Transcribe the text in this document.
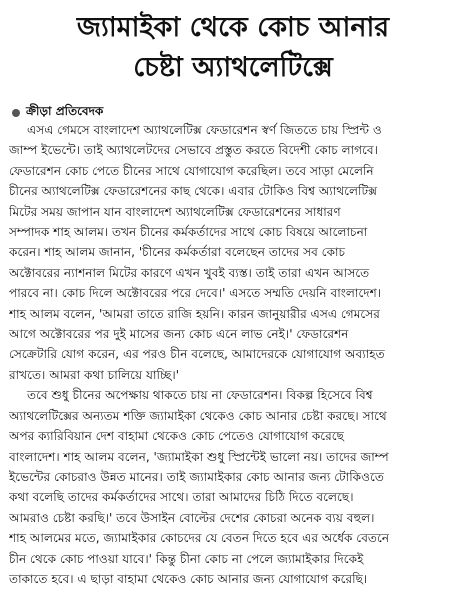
জ্যামাইকা থেকে কোচ আনার
চেষ্টা অ্যাথলেটিক্সে
ক্রীড়া প্রতিবেদক
এসএ গেমসে বাংলাদেশ অ্যাথলেটিক্স ফেডারেশন স্বর্ণ জিততে চায় স্প্রিন্ট ও
জাম্প ইভেন্টে। তাই অ্যাথলেটদের সেভাবে প্রস্তুত করতে বিদেশী কোচ লাগবে।
ফেডারেশন কোচ পেতে চীনের সাথে যোগাযোগ করেছিল। তবে সাড়া মেলেনি
চীনের অ্যাথলেটিক্স ফেডারেশনের কাছ থেকে। এবার টোকিও বিশ্ব অ্যাথলেটিক্স
মিটের সময় জাপান যান বাংলাদেশ অ্যাথলেটিক্স ফেডারেশনের সাধারণ
সম্পাদক শাহ আলম। তখন চীনের কর্মকর্তাদের সাথে কোচ বিষয়ে আলোচনা
করেন। শাহ আলম জানান, 'চীনের কর্মকর্তারা বলেছেন তাদের সব কোচ
অক্টোবরের ন্যাশনাল মিটের কারণে এখন খুবই ব্যস্ত। তাই তারা এখন আসতে
পারবে না। কোচ দিলে অক্টোবরের পরে দেবে।' এসতে সম্মতি দেয়নি বাংলাদেশ।
শাহ আলম বলেন, 'আমরা তাতে রাজি হয়নি। কারন জানুয়ারীর এসএ গেমসের
আগে অক্টোবরের পর দুই মাসের জন্য কোচ এনে লাভ নেই।' ফেডারেশন
সেক্রেটারি যোগ করেন, এর পরও চীন বলেছে, আমাদেরকে যোগাযোগ অব্যাহত
রাখতে। আমরা কথা চালিয়ে যাচ্ছি।'
তবে শুধু চীনের অপেক্ষায় থাকতে চায় না ফেডারেশন। বিকল্প হিসেবে বিশ্ব
অ্যাথলেটিক্সের অন্যতম শক্তি জ্যামাইকা থেকেও কোচ আনার চেষ্টা করছে। সাথে
অপর ক্যারিবিয়ান দেশ বাহামা থেকেও কোচ পেতেও যোগাযোগ করেছে
বাংলাদেশ। শাহ আলম বলেন, 'জ্যামাইকা শুধু স্প্রিন্টেই ভালো নয়। তাদের জাম্প
ইভেন্টের কোচরাও উন্নত মানের। তাই জ্যামাইকার কোচ আনার জন্য টোকিওতে
কথা বলেছি তাদের কর্মকর্তাদের সাথে। তারা আমাদের চিঠি দিতে বলেছে।
আমরাও চেষ্টা করছি।' তবে উসাইন বোল্টের দেশের কোচরা অনেক ব্যয় বহুল।
শাহ আলমের মতে, জ্যামাইকার কোচদের যে বেতন দিতে হবে এর অর্ধেক বেতনে
চীন থেকে কোচ পাওয়া যাবে।' কিন্তু চীনা কোচ না পেলে জ্যামাইকার দিকেই
তাকাতে হবে। এ ছাড়া বাহামা থেকেও কোচ আনার জন্য যোগাযোগ করেছি।
